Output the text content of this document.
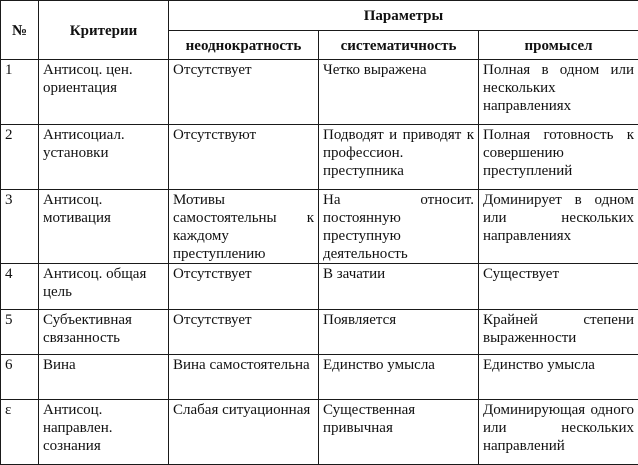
№	Критерии	Параметры		
		неоднократность	систематичность	промысел
1	Антисоц. цен. ориентация	Отсутствует	Четко выражена	Полная в одном или нескольких направлениях
2	Антисоциал. установки	Отсутствуют	Подводят и приводят к профессион. преступника	Полная готовность к совершению преступлений
3	Антисоц. мотивация	Мотивы самостоятельны к каждому преступлению	На относит. постоянную преступную деятельность	Доминирует в одном или нескольких направлениях
4	Антисоц. общая цель	Отсутствует	В зачатии	Существует
5	Субъективная связанность	Отсутствует	Появляется	Крайней степени выраженности
6	Вина	Вина самостоятельна	Единство умысла	Единство умысла
ε	Антисоц. направлен. сознания	Слабая ситуационная	Существенная привычная	Доминирующая одного или нескольких направлений
